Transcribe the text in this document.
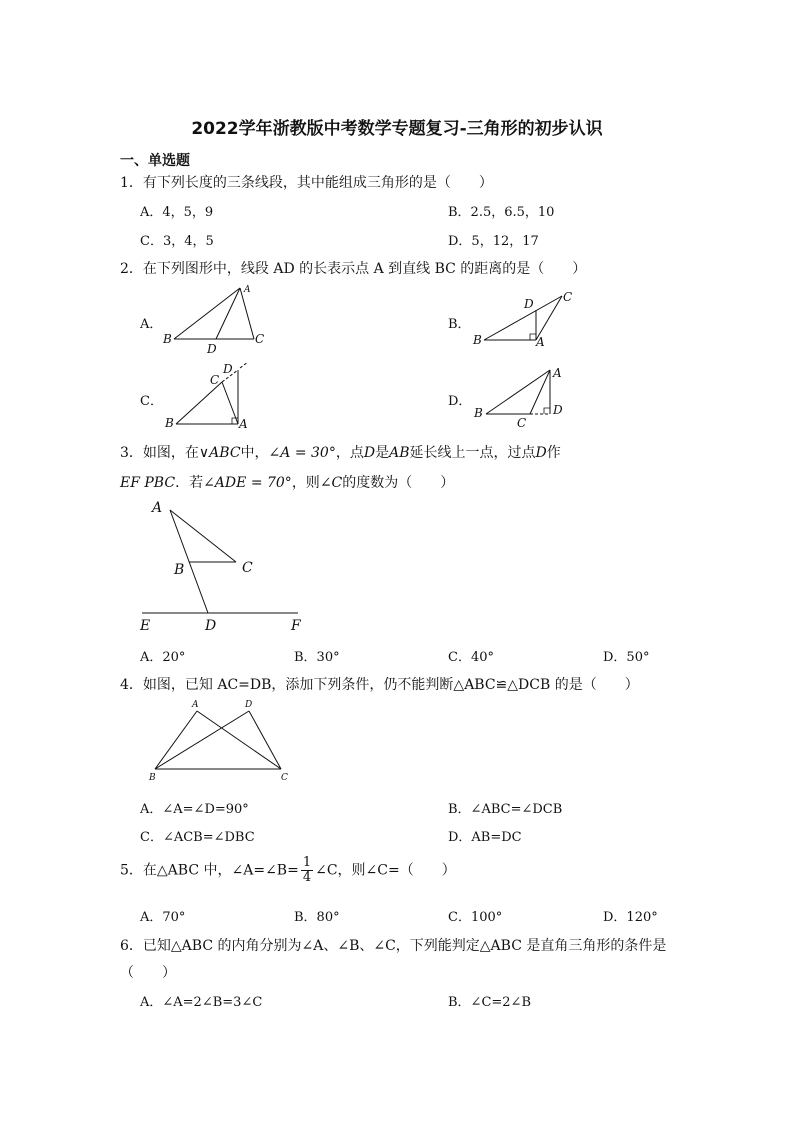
2022学年浙教版中考数学专题复习-三角形的初步认识
一、单选题
1．有下列长度的三条线段，其中能组成三角形的是（　　）
A．4，5，9	B．2.5，6.5，10
C．3，4，5	D．5，12，17
2．在下列图形中，线段 AD 的长表示点 A 到直线 BC 的距离的是（　　）
A．
A
B	C
D
B．
B	A
C
D
C．
B	A
C
D
D．
B
C
A
D
3．如图，在∨ABC中，∠A = 30°，点D是AB延长线上一点，过点D作
EF PBC．若∠ADE = 70°，则∠C的度数为（　　）
A
B	C
E	D	F
A．20°	B．30°	C．40°	D．50°
4．如图，已知 AC=DB，添加下列条件，仍不能判断△ABC≌△DCB 的是（　　）
A	D
B	C
A．∠A=∠D=90°	B．∠ABC=∠DCB
C．∠ACB=∠DBC	D．AB=DC
5．在△ABC 中，∠A=∠B= $\frac{1}{4}$ ∠C，则∠C=（　　）
A．70°	B．80°	C．100°	D．120°
6．已知△ABC 的内角分别为∠A、∠B、∠C，下列能判定△ABC 是直角三角形的条件是
（　　）
A．∠A=2∠B=3∠C	B．∠C=2∠B
